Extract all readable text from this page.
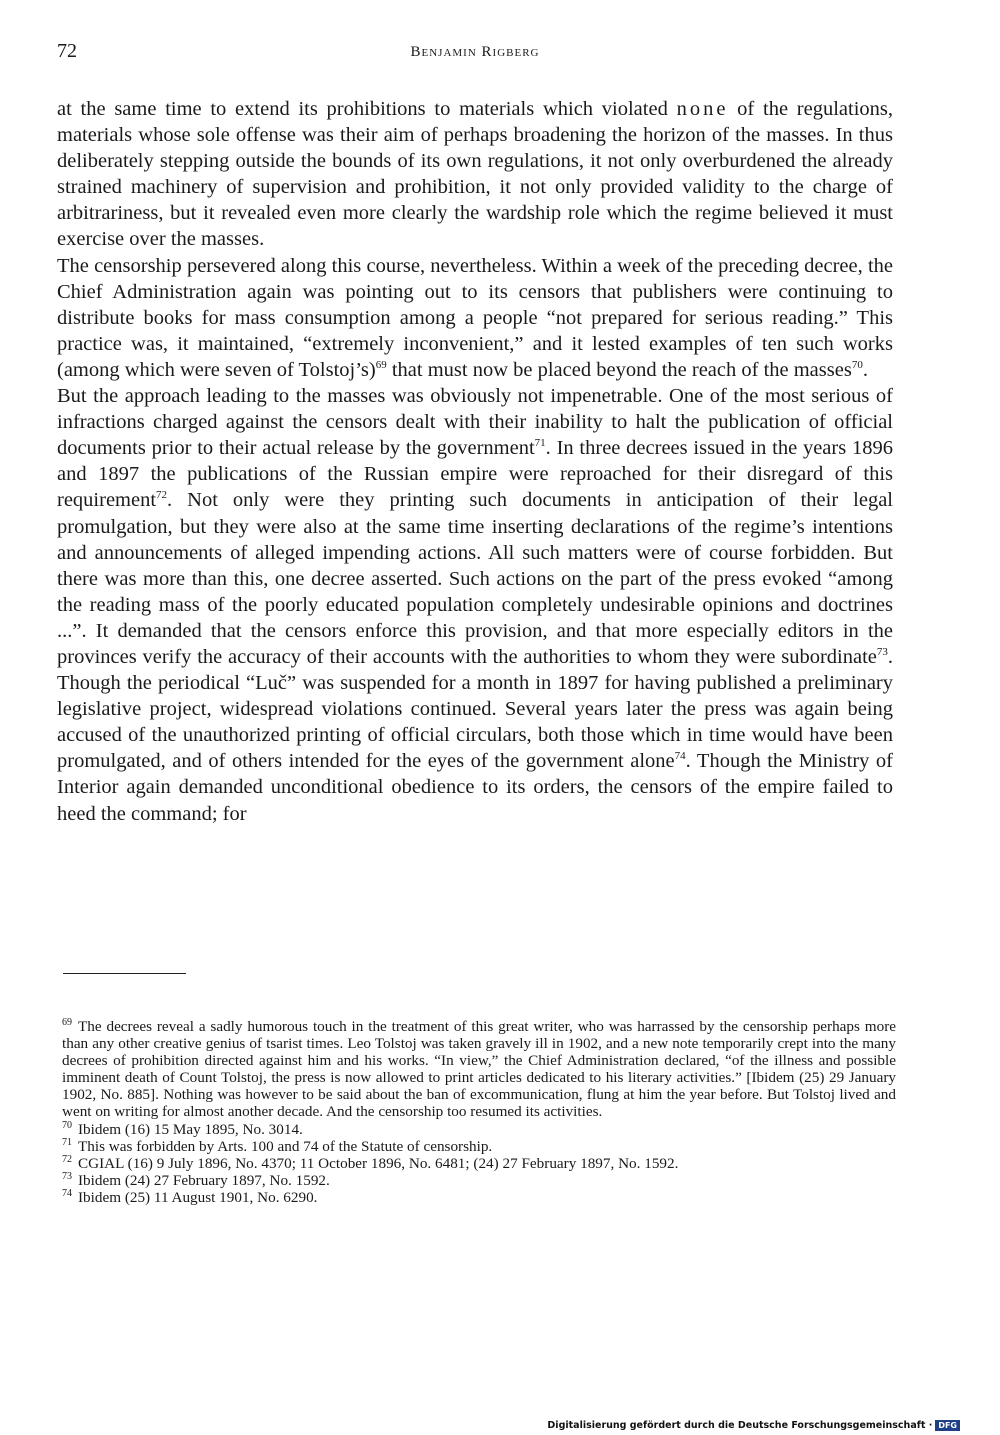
72	Benjamin Rigberg

at the same time to extend its prohibitions to materials which violated none of the regulations, materials whose sole offense was their aim of perhaps broadening the horizon of the masses. In thus deliberately stepping outside the bounds of its own regulations, it not only overburdened the already strained machinery of supervision and prohibition, it not only provided validity to the charge of arbitrariness, but it revealed even more clearly the wardship role which the regime believed it must exercise over the masses.

The censorship persevered along this course, nevertheless. Within a week of the preceding decree, the Chief Administration again was pointing out to its censors that publishers were continuing to distribute books for mass consumption among a people “not prepared for serious reading.” This practice was, it maintained, “extremely inconvenient,” and it lested examples of ten such works (among which were seven of Tolstoj’s)$^{69}$ that must now be placed beyond the reach of the masses$^{70}$.

But the approach leading to the masses was obviously not impenetrable. One of the most serious of infractions charged against the censors dealt with their inability to halt the publication of official documents prior to their actual release by the government$^{71}$. In three decrees issued in the years 1896 and 1897 the publications of the Russian empire were reproached for their disregard of this requirement$^{72}$. Not only were they printing such documents in anticipation of their legal promulgation, but they were also at the same time inserting declarations of the regime’s intentions and announcements of alleged impending actions. All such matters were of course forbidden. But there was more than this, one decree asserted. Such actions on the part of the press evoked “among the reading mass of the poorly educated population completely undesirable opinions and doctrines ...”. It demanded that the censors enforce this provision, and that more especially editors in the provinces verify the accuracy of their accounts with the authorities to whom they were subordinate$^{73}$. Though the periodical “Luč” was suspended for a month in 1897 for having published a preliminary legislative project, widespread violations continued. Several years later the press was again being accused of the unauthorized printing of official circulars, both those which in time would have been promulgated, and of others intended for the eyes of the government alone$^{74}$. Though the Ministry of Interior again demanded unconditional obedience to its orders, the censors of the empire failed to heed the command; for

$^{69}$ The decrees reveal a sadly humorous touch in the treatment of this great writer, who was harrassed by the censorship perhaps more than any other creative genius of tsarist times. Leo Tolstoj was taken gravely ill in 1902, and a new note temporarily crept into the many decrees of prohibition directed against him and his works. “In view,” the Chief Administration declared, “of the illness and possible imminent death of Count Tolstoj, the press is now allowed to print articles dedicated to his literary activities.” [Ibidem (25) 29 January 1902, No. 885]. Nothing was however to be said about the ban of excommunication, flung at him the year before. But Tolstoj lived and went on writing for almost another decade. And the censorship too resumed its activities.

$^{70}$ Ibidem (16) 15 May 1895, No. 3014.

$^{71}$ This was forbidden by Arts. 100 and 74 of the Statute of censorship.

$^{72}$ CGIAL (16) 9 July 1896, No. 4370; 11 October 1896, No. 6481; (24) 27 February 1897, No. 1592.

$^{73}$ Ibidem (24) 27 February 1897, No. 1592.

$^{74}$ Ibidem (25) 11 August 1901, No. 6290.

Digitalisierung gefördert durch die Deutsche Forschungsgemeinschaft · DFG
